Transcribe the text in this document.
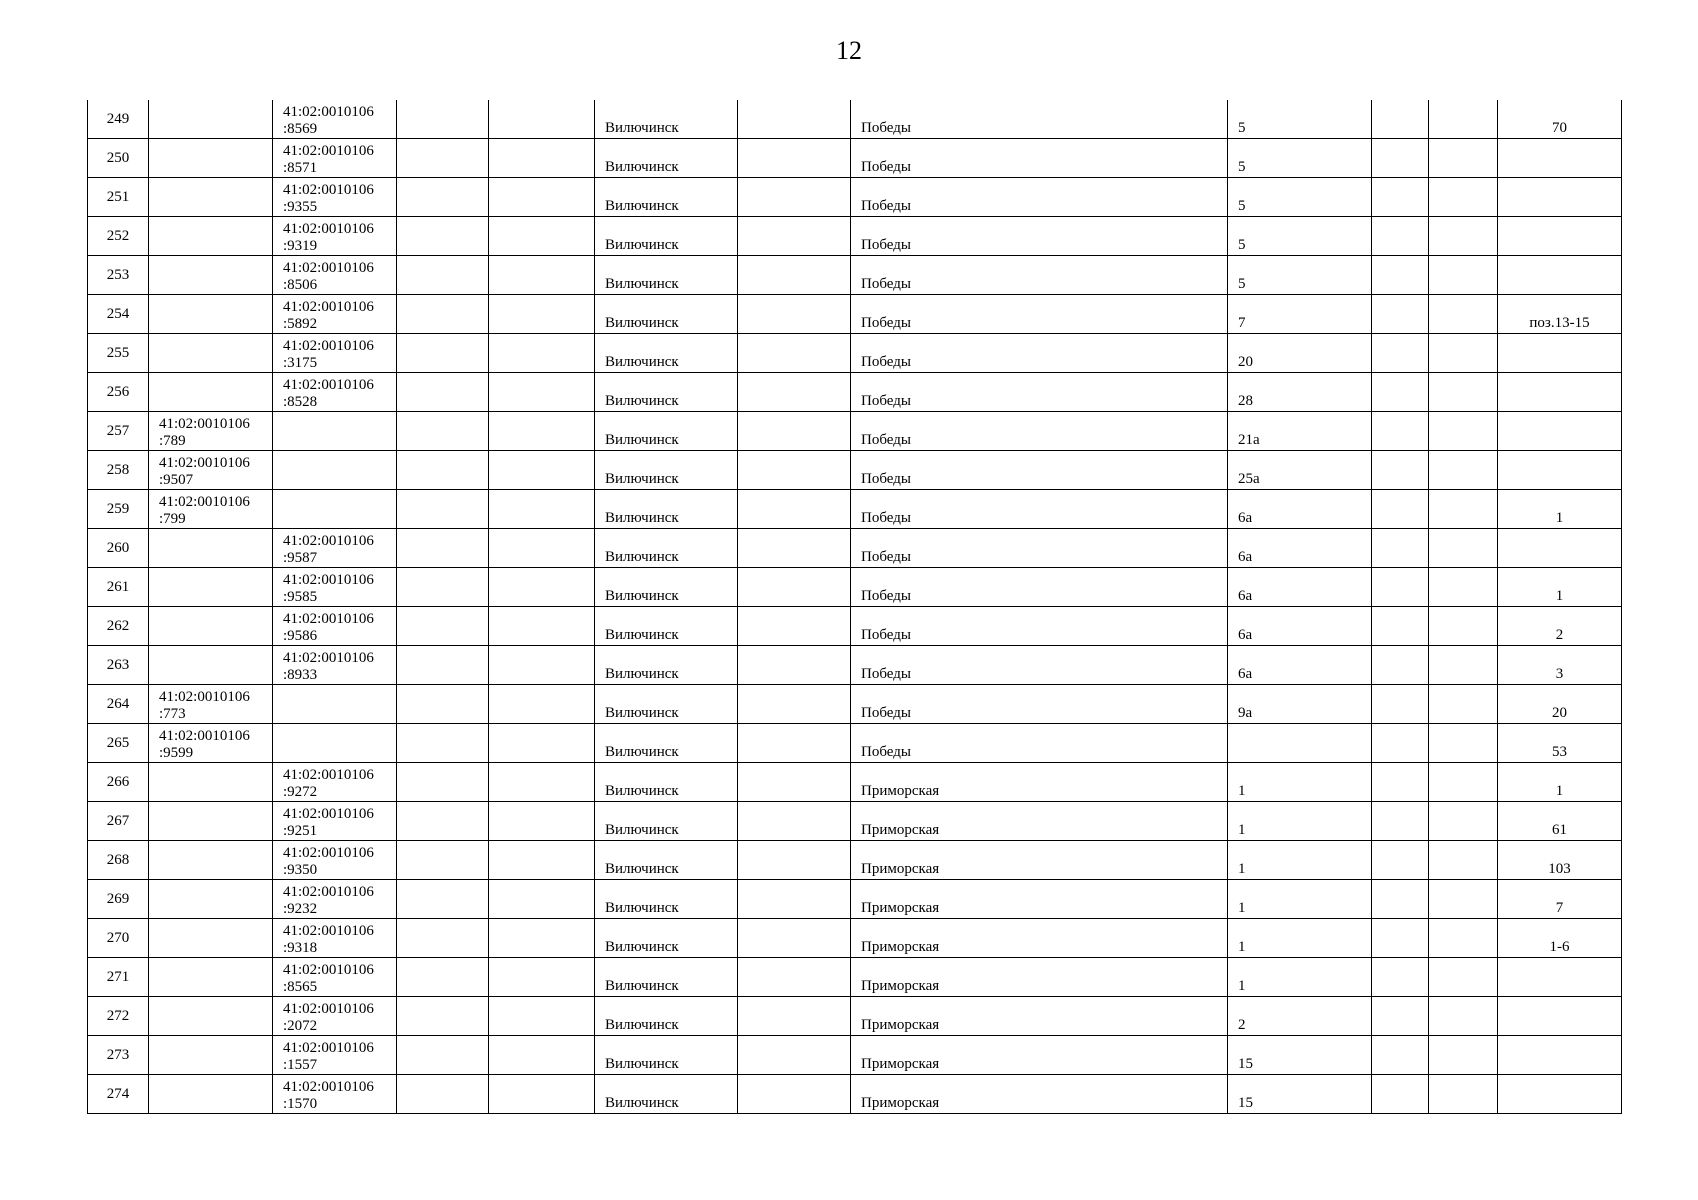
12
249		41:02:0010106
:8569			Вилючинск		Победы	5			70
250		41:02:0010106
:8571			Вилючинск		Победы	5			
251		41:02:0010106
:9355			Вилючинск		Победы	5			
252		41:02:0010106
:9319			Вилючинск		Победы	5			
253		41:02:0010106
:8506			Вилючинск		Победы	5			
254		41:02:0010106
:5892			Вилючинск		Победы	7			поз.13-15
255		41:02:0010106
:3175			Вилючинск		Победы	20			
256		41:02:0010106
:8528			Вилючинск		Победы	28			
257	41:02:0010106
:789				Вилючинск		Победы	21а			
258	41:02:0010106
:9507				Вилючинск		Победы	25а			
259	41:02:0010106
:799				Вилючинск		Победы	6а			1
260		41:02:0010106
:9587			Вилючинск		Победы	6а			
261		41:02:0010106
:9585			Вилючинск		Победы	6а			1
262		41:02:0010106
:9586			Вилючинск		Победы	6а			2
263		41:02:0010106
:8933			Вилючинск		Победы	6а			3
264	41:02:0010106
:773				Вилючинск		Победы	9а			20
265	41:02:0010106
:9599				Вилючинск		Победы				53
266		41:02:0010106
:9272			Вилючинск		Приморская	1			1
267		41:02:0010106
:9251			Вилючинск		Приморская	1			61
268		41:02:0010106
:9350			Вилючинск		Приморская	1			103
269		41:02:0010106
:9232			Вилючинск		Приморская	1			7
270		41:02:0010106
:9318			Вилючинск		Приморская	1			1-6
271		41:02:0010106
:8565			Вилючинск		Приморская	1			
272		41:02:0010106
:2072			Вилючинск		Приморская	2			
273		41:02:0010106
:1557			Вилючинск		Приморская	15			
274		41:02:0010106
:1570			Вилючинск		Приморская	15			
